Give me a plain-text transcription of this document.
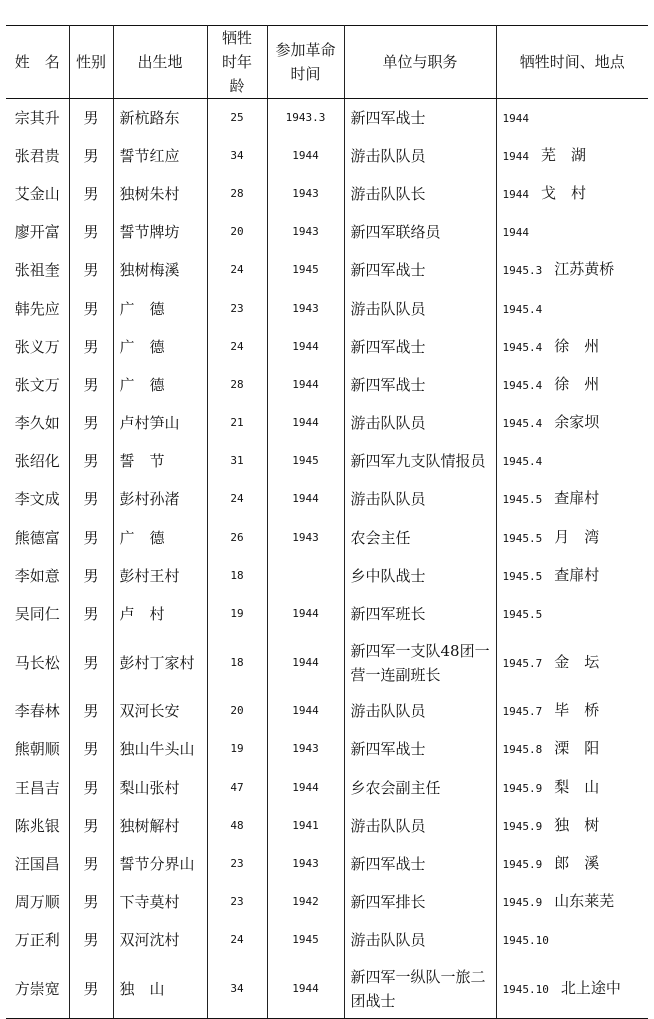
姓　名	性别	出生地	牺牲时年龄	参加革命时间	单位与职务	牺牲时间、地点
宗其升	男	新杭路东	25	1943.3	新四军战士	1944
张君贵	男	誓节红应	34	1944	游击队队员	1944 芜　湖
艾金山	男	独树朱村	28	1943	游击队队长	1944 戈　村
廖开富	男	誓节牌坊	20	1943	新四军联络员	1944
张祖奎	男	独树梅溪	24	1945	新四军战士	1945.3 江苏黄桥
韩先应	男	广　德	23	1943	游击队队员	1945.4
张义万	男	广　德	24	1944	新四军战士	1945.4 徐　州
张文万	男	广　德	28	1944	新四军战士	1945.4 徐　州
李久如	男	卢村笋山	21	1944	游击队队员	1945.4 余家坝
张绍化	男	誓　节	31	1945	新四军九支队情报员	1945.4
李文成	男	彭村孙渚	24	1944	游击队队员	1945.5 查扉村
熊德富	男	广　德	26	1943	农会主任	1945.5 月　湾
李如意	男	彭村王村	18		乡中队战士	1945.5 查扉村
吴同仁	男	卢　村	19	1944	新四军班长	1945.5
马长松	男	彭村丁家村	18	1944	新四军一支队48团一营一连副班长	1945.7 金　坛
李春林	男	双河长安	20	1944	游击队队员	1945.7 毕　桥
熊朝顺	男	独山牛头山	19	1943	新四军战士	1945.8 溧　阳
王昌吉	男	梨山张村	47	1944	乡农会副主任	1945.9 梨　山
陈兆银	男	独树解村	48	1941	游击队队员	1945.9 独　树
汪国昌	男	誓节分界山	23	1943	新四军战士	1945.9 郎　溪
周万顺	男	下寺莫村	23	1942	新四军排长	1945.9 山东莱芜
万正利	男	双河沈村	24	1945	游击队队员	1945.10
方崇宽	男	独　山	34	1944	新四军一纵队一旅二团战士	1945.10 北上途中
